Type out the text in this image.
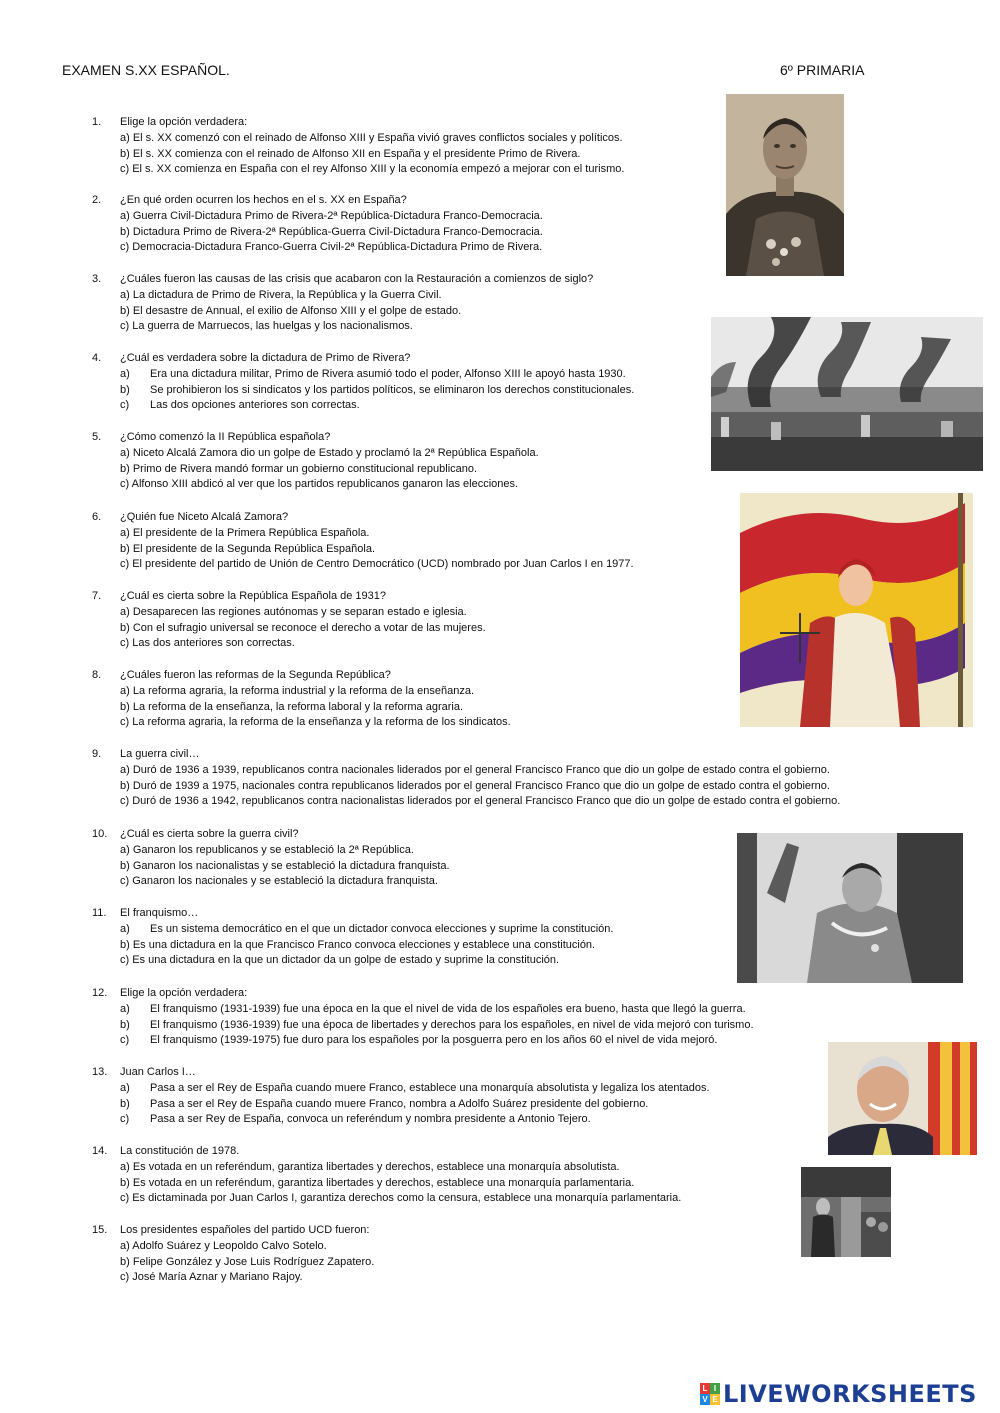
EXAMEN S.XX ESPAÑOL.	6º PRIMARIA
1.	Elige la opción verdadera:
a) El s. XX comenzó con el reinado de Alfonso XIII y España vivió graves conflictos sociales y políticos.
b) El s. XX comienza con el reinado de Alfonso XII en España y el presidente Primo de Rivera.
c) El s. XX comienza en España con el rey Alfonso XIII y la economía empezó a mejorar con el turismo.
2.	¿En qué orden ocurren los hechos en el s. XX en España?
a) Guerra Civil-Dictadura Primo de Rivera-2ª República-Dictadura Franco-Democracia.
b) Dictadura Primo de Rivera-2ª República-Guerra Civil-Dictadura Franco-Democracia.
c) Democracia-Dictadura Franco-Guerra Civil-2ª República-Dictadura Primo de Rivera.
3.	¿Cuáles fueron las causas de las crisis que acabaron con la Restauración a comienzos de siglo?
a) La dictadura de Primo de Rivera, la República y la Guerra Civil.
b) El desastre de Annual, el exilio de Alfonso XIII y el golpe de estado.
c) La guerra de Marruecos, las huelgas y los nacionalismos.
4.	¿Cuál es verdadera sobre la dictadura de Primo de Rivera?
a) Era una dictadura militar, Primo de Rivera asumió todo el poder, Alfonso XIII le apoyó hasta 1930.
b) Se prohibieron los si sindicatos y los partidos políticos, se eliminaron los derechos constitucionales.
c) Las dos opciones anteriores son correctas.
5.	¿Cómo comenzó la II República española?
a) Niceto Alcalá Zamora dio un golpe de Estado y proclamó la 2ª República Española.
b) Primo de Rivera mandó formar un gobierno constitucional republicano.
c) Alfonso XIII abdicó al ver que los partidos republicanos ganaron las elecciones.
6.	¿Quién fue Niceto Alcalá Zamora?
a) El presidente de la Primera República Española.
b) El presidente de la Segunda República Española.
c) El presidente del partido de Unión de Centro Democrático (UCD) nombrado por Juan Carlos I en 1977.
7.	¿Cuál es cierta sobre la República Española de 1931?
a) Desaparecen las regiones autónomas y se separan estado e iglesia.
b) Con el sufragio universal se reconoce el derecho a votar de las mujeres.
c) Las dos anteriores son correctas.
8.	¿Cuáles fueron las reformas de la Segunda República?
a) La reforma agraria, la reforma industrial y la reforma de la enseñanza.
b) La reforma de la enseñanza, la reforma laboral y la reforma agraria.
c) La reforma agraria, la reforma de la enseñanza y la reforma de los sindicatos.
9.	La guerra civil…
a) Duró de 1936 a 1939, republicanos contra nacionales liderados por el general Francisco Franco que dio un golpe de estado contra el gobierno.
b) Duró de 1939 a 1975, nacionales contra republicanos liderados por el general Francisco Franco que dio un golpe de estado contra el gobierno.
c) Duró de 1936 a 1942, republicanos contra nacionalistas liderados por el general Francisco Franco que dio un golpe de estado contra el gobierno.
10.	¿Cuál es cierta sobre la guerra civil?
a) Ganaron los republicanos y se estableció la 2ª República.
b) Ganaron los nacionalistas y se estableció la dictadura franquista.
c) Ganaron los nacionales y se estableció la dictadura franquista.
11.	El franquismo…
a) Es un sistema democrático en el que un dictador convoca elecciones y suprime la constitución.
b) Es una dictadura en la que Francisco Franco convoca elecciones y establece una constitución.
c) Es una dictadura en la que un dictador da un golpe de estado y suprime la constitución.
12.	Elige la opción verdadera:
a) El franquismo (1931-1939) fue una época en la que el nivel de vida de los españoles era bueno, hasta que llegó la guerra.
b) El franquismo (1936-1939) fue una época de libertades y derechos para los españoles, en nivel de vida mejoró con turismo.
c) El franquismo (1939-1975) fue duro para los españoles por la posguerra pero en los años 60 el nivel de vida mejoró.
13.	Juan Carlos I…
a) Pasa a ser el Rey de España cuando muere Franco, establece una monarquía absolutista y legaliza los atentados.
b) Pasa a ser el Rey de España cuando muere Franco, nombra a Adolfo Suárez presidente del gobierno.
c) Pasa a ser Rey de España, convoca un referéndum y nombra presidente a Antonio Tejero.
14.	La constitución de 1978.
a) Es votada en un referéndum, garantiza libertades y derechos, establece una monarquía absolutista.
b) Es votada en un referéndum, garantiza libertades y derechos, establece una monarquía parlamentaria.
c) Es dictaminada por Juan Carlos I, garantiza derechos como la censura, establece una monarquía parlamentaria.
15.	Los presidentes españoles del partido UCD fueron:
a) Adolfo Suárez y Leopoldo Calvo Sotelo.
b) Felipe González y Jose Luis Rodríguez Zapatero.
c) José María Aznar y Mariano Rajoy.
L I
V E LIVEWORKSHEETS
